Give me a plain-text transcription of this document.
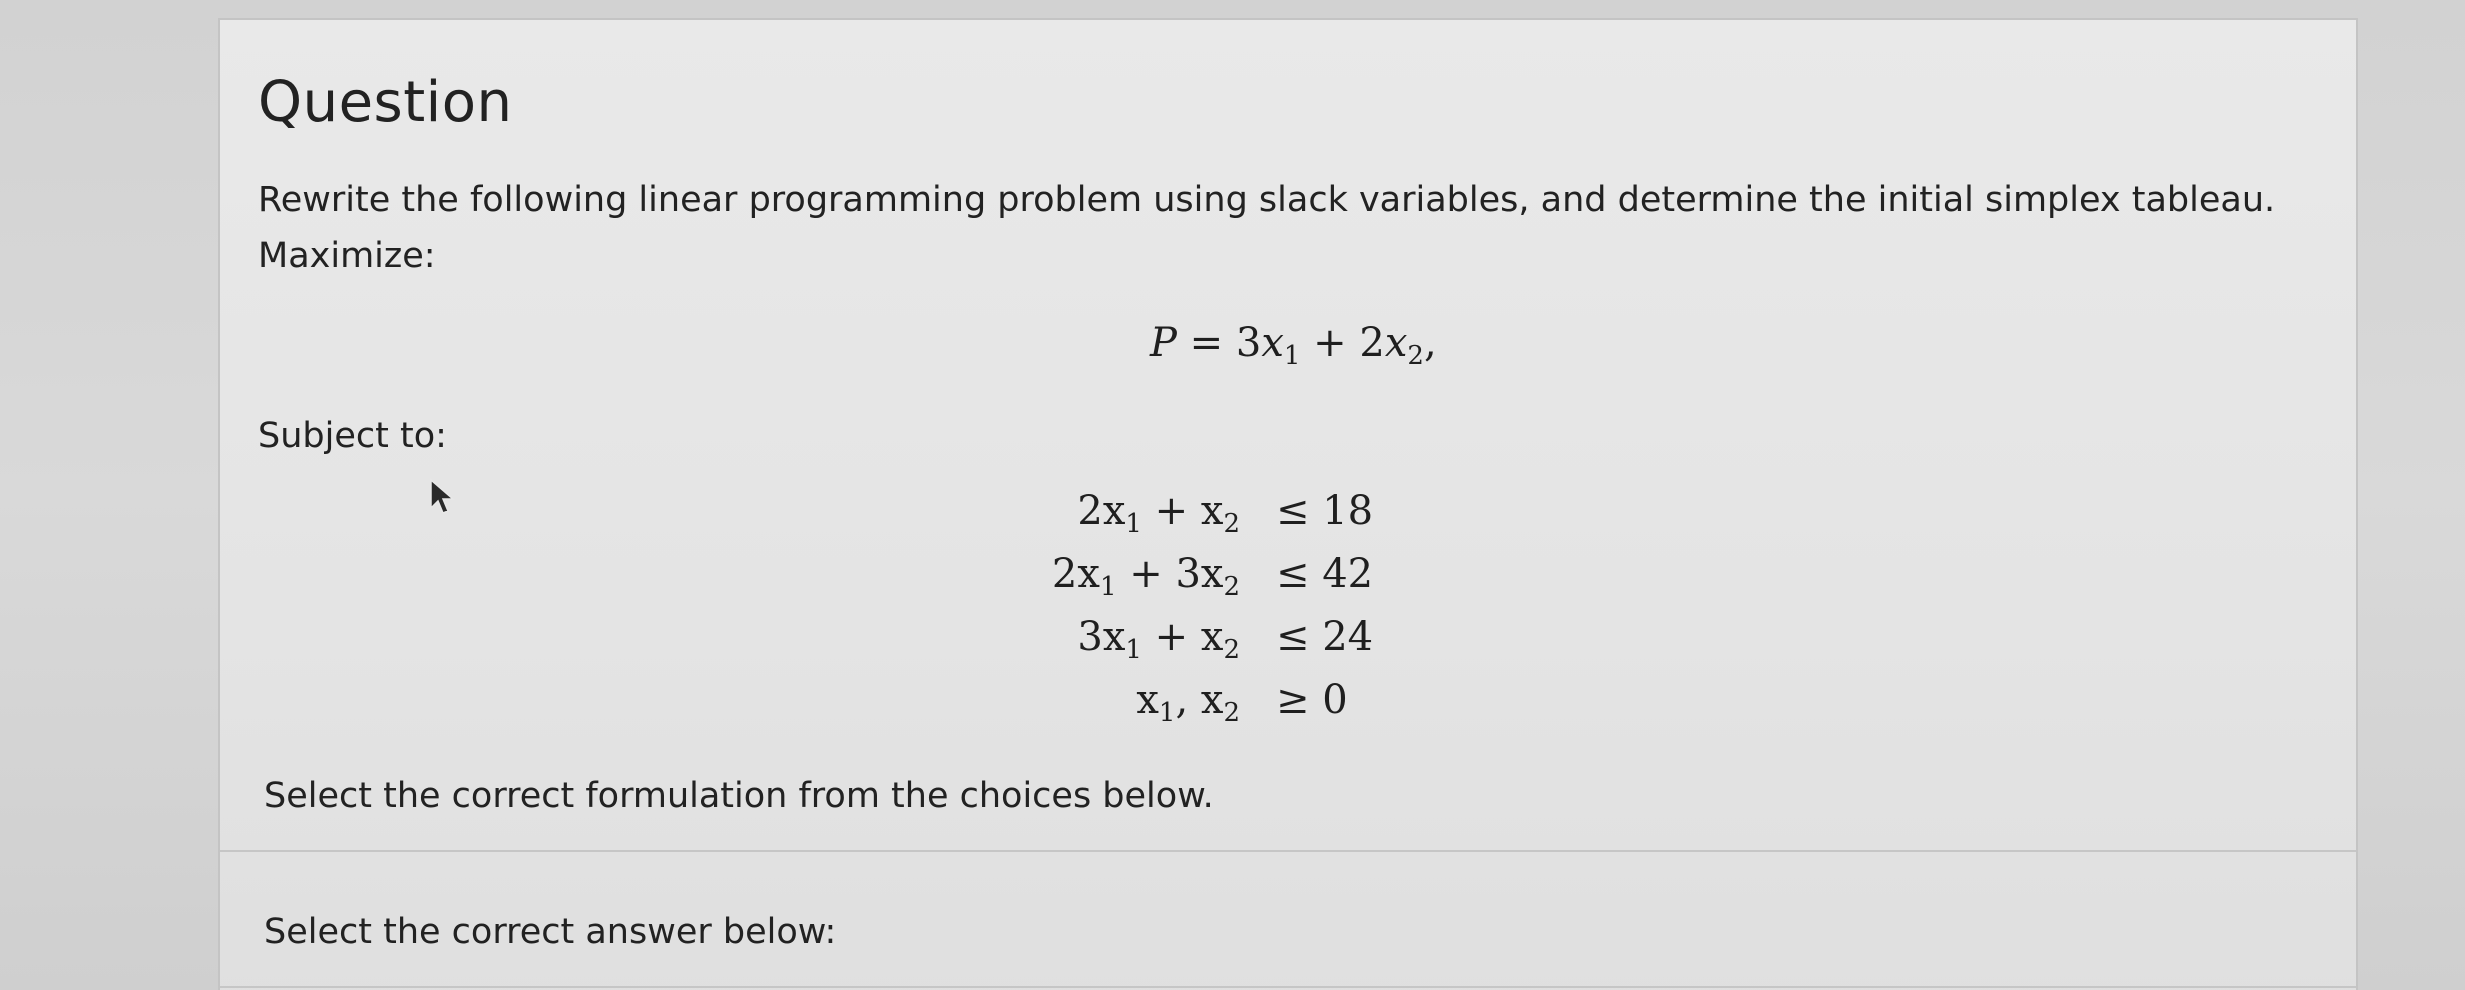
Question
Rewrite the following linear programming problem using slack variables, and determine the initial simplex tableau.
Maximize:
$P = 3x_1 + 2x_2$,
Subject to:
$2x_1 + x_2 \le 18$
$2x_1 + 3x_2 \le 42$
$3x_1 + x_2 \le 24$
$x_1$, $x_2 \ge 0$
Select the correct formulation from the choices below.
Select the correct answer below:
